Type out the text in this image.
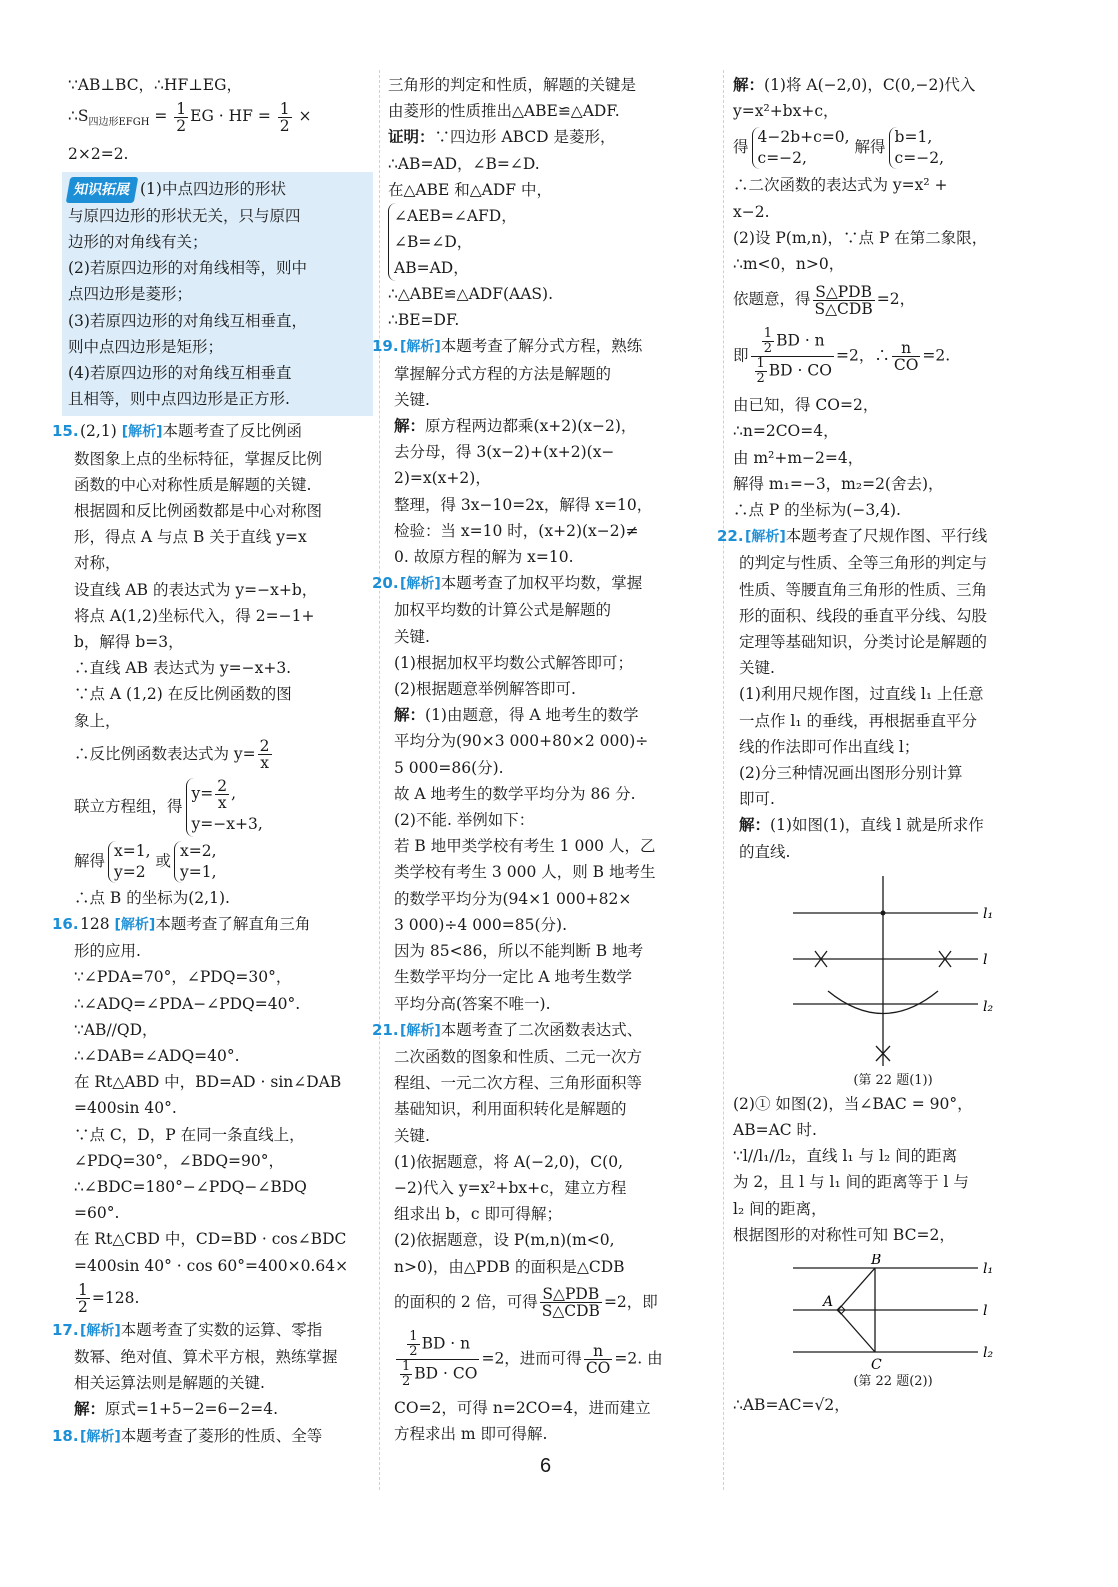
∵AB⊥BC，∴HF⊥EG，
$\therefore S_{四边形EFGH} = \frac{1}{2}$ EG · HF = $\frac{1}{2}$ ×
2×2=2.
知识拓展 (1)中点四边形的形状
与原四边形的形状无关，只与原四
边形的对角线有关；
(2)若原四边形的对角线相等，则中
点四边形是菱形；
(3)若原四边形的对角线互相垂直，
则中点四边形是矩形；
(4)若原四边形的对角线互相垂直
且相等，则中点四边形是正方形.
15.(2,1) [解析]本题考查了反比例函
数图象上点的坐标特征，掌握反比例
函数的中心对称性质是解题的关键.
根据圆和反比例函数都是中心对称图
形，得点 A 与点 B 关于直线 y=x
对称，
设直线 AB 的表达式为 y=−x+b，
将点 A(1,2)坐标代入，得 2=−1+
b，解得 b=3，
∴直线 AB 表达式为 y=−x+3.
∵点 A (1,2) 在反比例函数的图
象上，
∴反比例函数表达式为 $y= \frac{2}{x}$
联立方程组，得
$y= \frac{2}{x}$ ,
y=−x+3,
解得
x=1,
y=2
或
x=2,
y=1,
∴点 B 的坐标为(2,1).
16.128 [解析]本题考查了解直角三角
形的应用.
∵∠PDA=70°，∠PDQ=30°，
∴∠ADQ=∠PDA−∠PDQ=40°.
∵AB//QD，
∴∠DAB=∠ADQ=40°.
在 Rt△ABD 中，BD=AD · sin∠DAB
=400sin 40°.
∵点 C，D，P 在同一条直线上，
∠PDQ=30°，∠BDQ=90°，
∴∠BDC=180°−∠PDQ−∠BDQ
=60°.
在 Rt△CBD 中，CD=BD · cos∠BDC
=400sin 40° · cos 60°=400×0.64×
$\frac{1}{2} =128$.
17.[解析]本题考查了实数的运算、零指
数幂、绝对值、算术平方根，熟练掌握
相关运算法则是解题的关键.
解：原式=1+5−2=6−2=4.
18.[解析]本题考查了菱形的性质、全等
三角形的判定和性质，解题的关键是
由菱形的性质推出△ABE≌△ADF.
证明：∵四边形 ABCD 是菱形，
∴AB=AD，∠B=∠D.
在△ABE 和△ADF 中，
∠AEB=∠AFD，
∠B=∠D，
AB=AD，
∴△ABE≌△ADF(AAS).
∴BE=DF.
19.[解析]本题考查了解分式方程，熟练
掌握解分式方程的方法是解题的
关键.
解：原方程两边都乘(x+2)(x−2)，
去分母，得 3(x−2)+(x+2)(x−
2)=x(x+2)，
整理，得 3x−10=2x，解得 x=10，
检验：当 x=10 时，(x+2)(x−2)≠
0. 故原方程的解为 x=10.
20.[解析]本题考查了加权平均数，掌握
加权平均数的计算公式是解题的
关键.
(1)根据加权平均数公式解答即可；
(2)根据题意举例解答即可.
解：(1)由题意，得 A 地考生的数学
平均分为(90×3 000+80×2 000)÷
5 000=86(分).
故 A 地考生的数学平均分为 86 分.
(2)不能. 举例如下：
若 B 地甲类学校有考生 1 000 人，乙
类学校有考生 3 000 人，则 B 地考生
的数学平均分为(94×1 000+82×
3 000)÷4 000=85(分).
因为 85<86，所以不能判断 B 地考
生数学平均分一定比 A 地考生数学
平均分高(答案不唯一).
21.[解析]本题考查了二次函数表达式、
二次函数的图象和性质、二元一次方
程组、一元二次方程、三角形面积等
基础知识，利用面积转化是解题的
关键.
(1)依据题意，将 A(−2,0)，C(0,
−2)代入 y=x²+bx+c，建立方程
组求出 b，c 即可得解；
(2)依据题意，设 P(m,n)(m<0,
n>0)，由△PDB 的面积是△CDB
的面积的 2 倍，可得 $\frac{\text{S△PDB}}{\text{S△CDB}} =2$，即
$\frac{\frac{1}{2} BD \cdot n}{\frac{1}{2} BD \cdot CO} =2$，进而可得 $\frac{n}{CO} =2$. 由
CO=2，可得 n=2CO=4，进而建立
方程求出 m 即可得解.
解：(1)将 A(−2,0)，C(0,−2)代入
y=x²+bx+c，
得
4−2b+c=0,
c=−2,
解得
b=1,
c=−2,
∴二次函数的表达式为 y=x² +
x−2.
(2)设 P(m,n)，∵点 P 在第二象限，
∴m<0，n>0，
依题意，得 $\frac{\text{S△PDB}}{\text{S△CDB}} =2$，
即 $\frac{\frac{1}{2} BD \cdot n}{\frac{1}{2} BD \cdot CO} =2$，∴ $\frac{n}{CO} =2$.
由已知，得 CO=2，
∴n=2CO=4，
由 m²+m−2=4，
解得 m₁=−3，m₂=2(舍去)，
∴点 P 的坐标为(−3,4).
22.[解析]本题考查了尺规作图、平行线
的判定与性质、全等三角形的判定与
性质、等腰直角三角形的性质、三角
形的面积、线段的垂直平分线、勾股
定理等基础知识，分类讨论是解题的
关键.
(1)利用尺规作图，过直线 l₁ 上任意
一点作 l₁ 的垂线，再根据垂直平分
线的作法即可作出直线 l；
(2)分三种情况画出图形分别计算
即可.
解：(1)如图(1)，直线 l 就是所求作
的直线.
l₁
l
l₂
(第 22 题(1))
(2)① 如图(2)，当∠BAC = 90°，
AB=AC 时.
∵l//l₁//l₂，直线 l₁ 与 l₂ 间的距离
为 2，且 l 与 l₁ 间的距离等于 l 与
l₂ 间的距离，
根据图形的对称性可知 BC=2，
B
A
C
l₁
l
l₂
(第 22 题(2))
∴AB=AC=√2，
6
